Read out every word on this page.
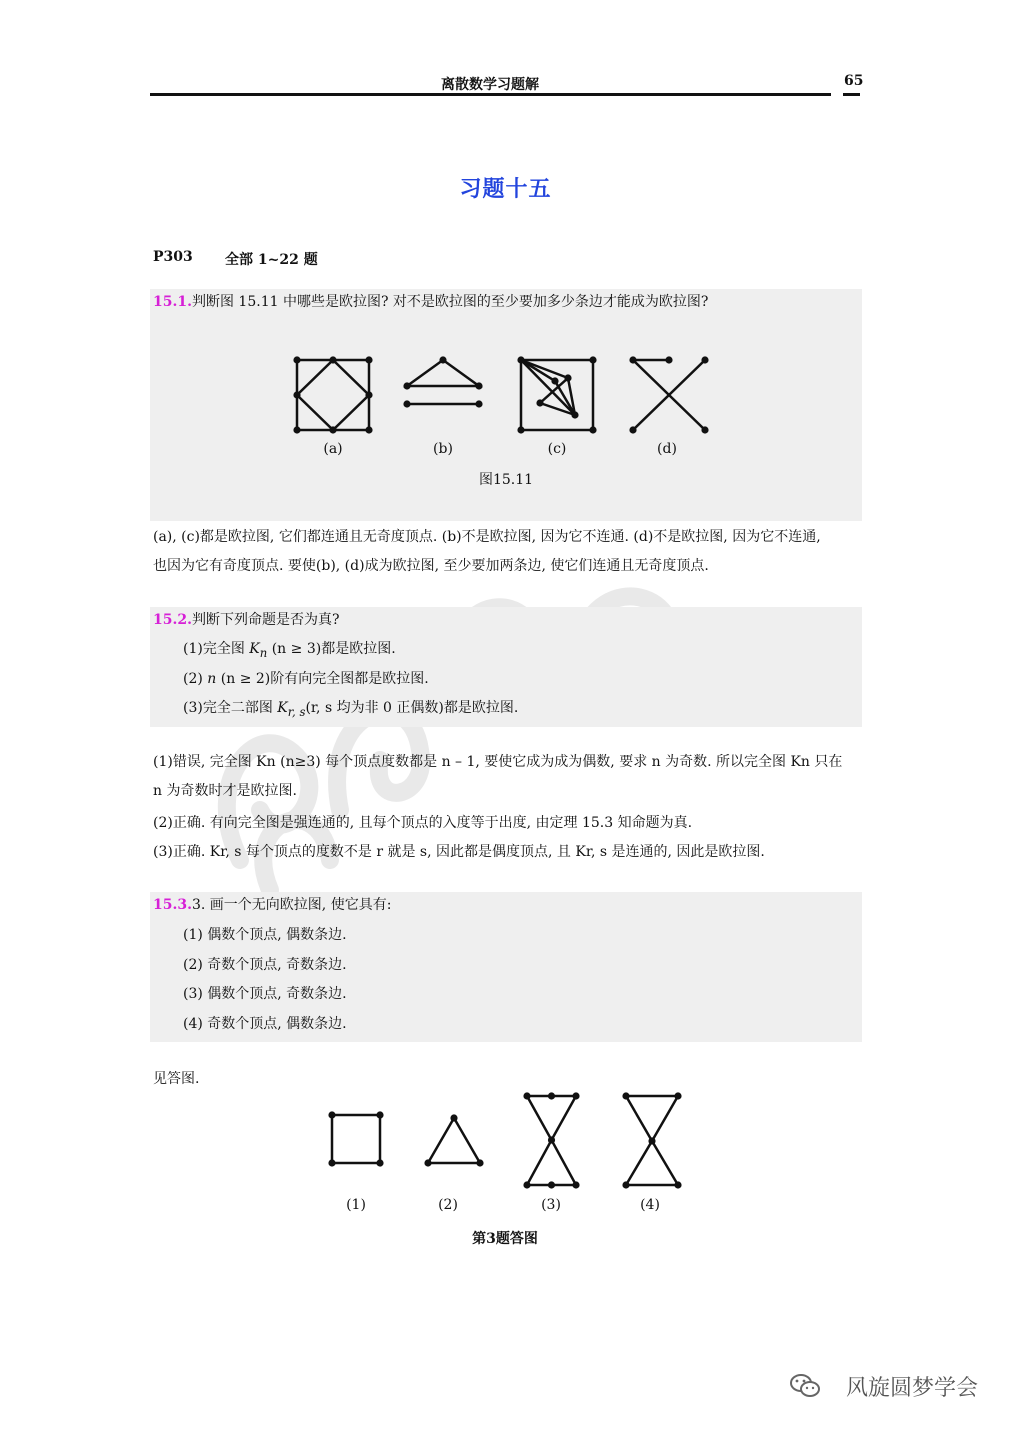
离散数学习题解	65
习题十五
P303 全部 1~22 题
15.1.判断图 15.11 中哪些是欧拉图? 对不是欧拉图的至少要加多少条边才能成为欧拉图?
(a)	(b)	(c)	(d)
图15.11
(a), (c)都是欧拉图, 它们都连通且无奇度顶点. (b)不是欧拉图, 因为它不连通. (d)不是欧拉图, 因为它不连通,
也因为它有奇度顶点. 要使(b), (d)成为欧拉图, 至少要加两条边, 使它们连通且无奇度顶点.
15.2.判断下列命题是否为真?
(1)完全图 $K_n$ (n ≥ 3)都是欧拉图.
(2) n (n ≥ 2)阶有向完全图都是欧拉图.
(3)完全二部图 $K_{r, s}(r$, s 均为非 0 正偶数)都是欧拉图.
(1)错误, 完全图 Kn (n≥3) 每个顶点度数都是 n – 1, 要使它成为成为偶数, 要求 n 为奇数. 所以完全图 Kn 只在
n 为奇数时才是欧拉图.
(2)正确. 有向完全图是强连通的, 且每个顶点的入度等于出度, 由定理 15.3 知命题为真.
(3)正确. Kr, s 每个顶点的度数不是 r 就是 s, 因此都是偶度顶点, 且 Kr, s 是连通的, 因此是欧拉图.
15.3.3. 画一个无向欧拉图, 使它具有:
(1) 偶数个顶点, 偶数条边.
(2) 奇数个顶点, 奇数条边.
(3) 偶数个顶点, 奇数条边.
(4) 奇数个顶点, 偶数条边.
见答图.
(1)	(2)	(3)	(4)
第3题答图
风旋圆梦学会
